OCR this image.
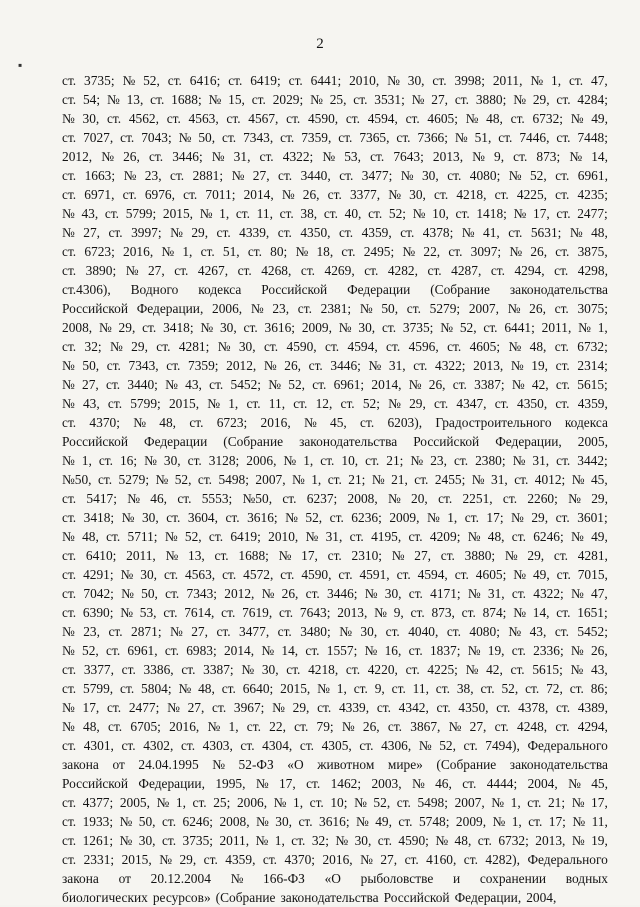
2
▪
ст. 3735; № 52, ст. 6416; ст. 6419; ст. 6441; 2010, № 30, ст. 3998; 2011, № 1, ст. 47,
ст. 54; № 13, ст. 1688; № 15, ст. 2029; № 25, ст. 3531; № 27, ст. 3880; № 29, ст. 4284;
№ 30, ст. 4562, ст. 4563, ст. 4567, ст. 4590, ст. 4594, ст. 4605; № 48, ст. 6732; № 49,
ст. 7027, ст. 7043; № 50, ст. 7343, ст. 7359, ст. 7365, ст. 7366; № 51, ст. 7446, ст. 7448;
2012, № 26, ст. 3446; № 31, ст. 4322; № 53, ст. 7643; 2013, № 9, ст. 873; № 14,
ст. 1663; № 23, ст. 2881; № 27, ст. 3440, ст. 3477; № 30, ст. 4080; № 52, ст. 6961,
ст. 6971, ст. 6976, ст. 7011; 2014, № 26, ст. 3377, № 30, ст. 4218, ст. 4225, ст. 4235;
№ 43, ст. 5799; 2015, № 1, ст. 11, ст. 38, ст. 40, ст. 52; № 10, ст. 1418; № 17, ст. 2477;
№ 27, ст. 3997; № 29, ст. 4339, ст. 4350, ст. 4359, ст. 4378; № 41, ст. 5631; № 48,
ст. 6723; 2016, № 1, ст. 51, ст. 80; № 18, ст. 2495; № 22, ст. 3097; № 26, ст. 3875,
ст. 3890; № 27, ст. 4267, ст. 4268, ст. 4269, ст. 4282, ст. 4287, ст. 4294, ст. 4298,
ст.4306), Водного кодекса Российской Федерации (Собрание законодательства
Российской Федерации, 2006, № 23, ст. 2381; № 50, ст. 5279; 2007, № 26, ст. 3075;
2008, № 29, ст. 3418; № 30, ст. 3616; 2009, № 30, ст. 3735; № 52, ст. 6441; 2011, № 1,
ст. 32; № 29, ст. 4281; № 30, ст. 4590, ст. 4594, ст. 4596, ст. 4605; № 48, ст. 6732;
№ 50, ст. 7343, ст. 7359; 2012, № 26, ст. 3446; № 31, ст. 4322; 2013, № 19, ст. 2314;
№ 27, ст. 3440; № 43, ст. 5452; № 52, ст. 6961; 2014, № 26, ст. 3387; № 42, ст. 5615;
№ 43, ст. 5799; 2015, № 1, ст. 11, ст. 12, ст. 52; № 29, ст. 4347, ст. 4350, ст. 4359,
ст. 4370; № 48, ст. 6723; 2016, № 45, ст. 6203), Градостроительного кодекса
Российской Федерации (Собрание законодательства Российской Федерации, 2005,
№ 1, ст. 16; № 30, ст. 3128; 2006, № 1, ст. 10, ст. 21; № 23, ст. 2380; № 31, ст. 3442;
№50, ст. 5279; № 52, ст. 5498; 2007, № 1, ст. 21; № 21, ст. 2455; № 31, ст. 4012; № 45,
ст. 5417; № 46, ст. 5553; №50, ст. 6237; 2008, № 20, ст. 2251, ст. 2260; № 29,
ст. 3418; № 30, ст. 3604, ст. 3616; № 52, ст. 6236; 2009, № 1, ст. 17; № 29, ст. 3601;
№ 48, ст. 5711; № 52, ст. 6419; 2010, № 31, ст. 4195, ст. 4209; № 48, ст. 6246; № 49,
ст. 6410; 2011, № 13, ст. 1688; № 17, ст. 2310; № 27, ст. 3880; № 29, ст. 4281,
ст. 4291; № 30, ст. 4563, ст. 4572, ст. 4590, ст. 4591, ст. 4594, ст. 4605; № 49, ст. 7015,
ст. 7042; № 50, ст. 7343; 2012, № 26, ст. 3446; № 30, ст. 4171; № 31, ст. 4322; № 47,
ст. 6390; № 53, ст. 7614, ст. 7619, ст. 7643; 2013, № 9, ст. 873, ст. 874; № 14, ст. 1651;
№ 23, ст. 2871; № 27, ст. 3477, ст. 3480; № 30, ст. 4040, ст. 4080; № 43, ст. 5452;
№ 52, ст. 6961, ст. 6983; 2014, № 14, ст. 1557; № 16, ст. 1837; № 19, ст. 2336; № 26,
ст. 3377, ст. 3386, ст. 3387; № 30, ст. 4218, ст. 4220, ст. 4225; № 42, ст. 5615; № 43,
ст. 5799, ст. 5804; № 48, ст. 6640; 2015, № 1, ст. 9, ст. 11, ст. 38, ст. 52, ст. 72, ст. 86;
№ 17, ст. 2477; № 27, ст. 3967; № 29, ст. 4339, ст. 4342, ст. 4350, ст. 4378, ст. 4389,
№ 48, ст. 6705; 2016, № 1, ст. 22, ст. 79; № 26, ст. 3867, № 27, ст. 4248, ст. 4294,
ст. 4301, ст. 4302, ст. 4303, ст. 4304, ст. 4305, ст. 4306, № 52, ст. 7494), Федерального
закона от 24.04.1995 № 52-ФЗ «О животном мире» (Собрание законодательства
Российской Федерации, 1995, № 17, ст. 1462; 2003, № 46, ст. 4444; 2004, № 45,
ст. 4377; 2005, № 1, ст. 25; 2006, № 1, ст. 10; № 52, ст. 5498; 2007, № 1, ст. 21; № 17,
ст. 1933; № 50, ст. 6246; 2008, № 30, ст. 3616; № 49, ст. 5748; 2009, № 1, ст. 17; № 11,
ст. 1261; № 30, ст. 3735; 2011, № 1, ст. 32; № 30, ст. 4590; № 48, ст. 6732; 2013, № 19,
ст. 2331; 2015, № 29, ст. 4359, ст. 4370; 2016, № 27, ст. 4160, ст. 4282), Федерального
закона от 20.12.2004 № 166-ФЗ «О рыболовстве и сохранении водных
биологических ресурсов» (Собрание законодательства Российской Федерации, 2004,
